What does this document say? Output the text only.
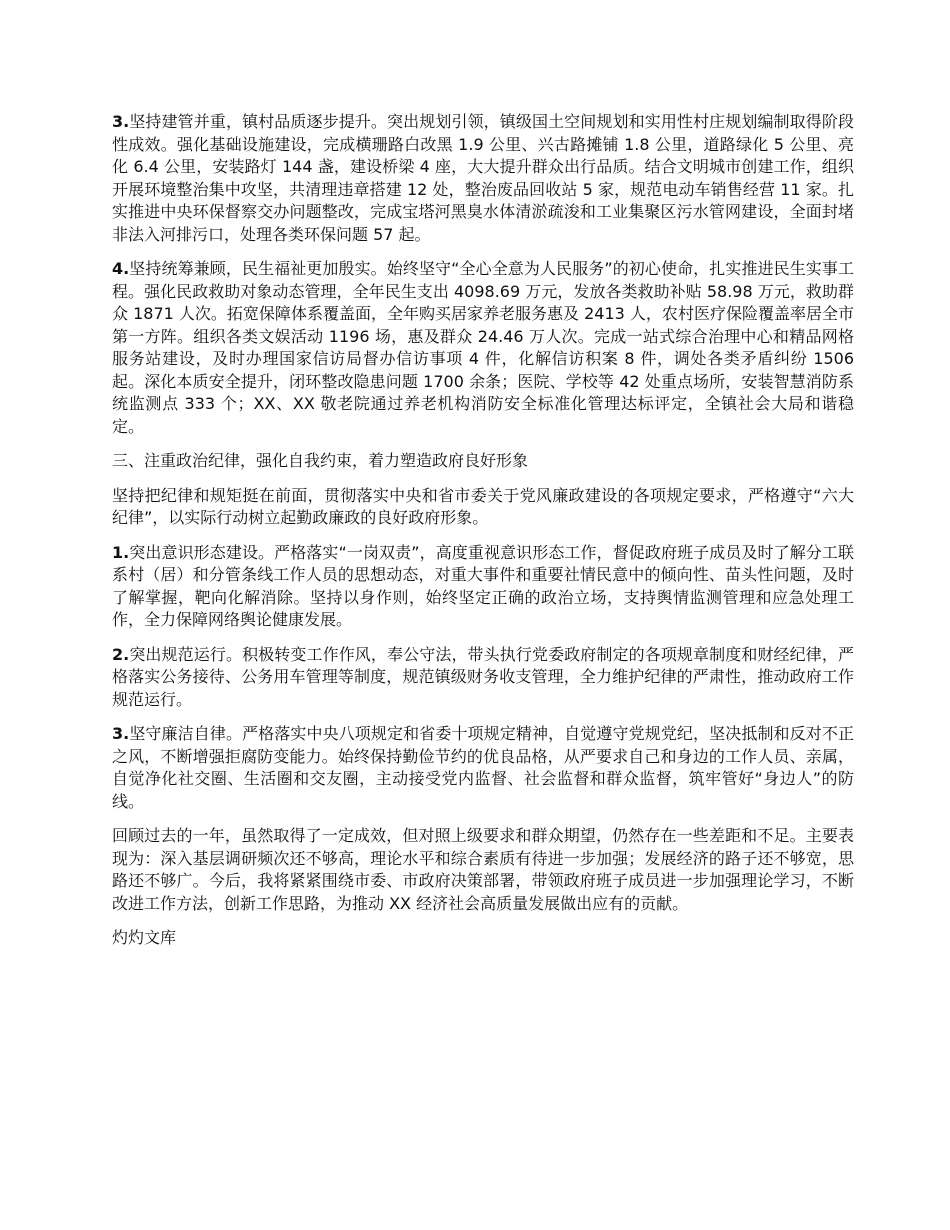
3.坚持建管并重，镇村品质逐步提升。突出规划引领，镇级国土空间规划和实用性村庄规划编制取得阶段性成效。强化基础设施建设，完成横珊路白改黑 1.9 公里、兴古路摊铺 1.8 公里，道路绿化 5 公里、亮化 6.4 公里，安装路灯 144 盏，建设桥梁 4 座，大大提升群众出行品质。结合文明城市创建工作，组织开展环境整治集中攻坚，共清理违章搭建 12 处，整治废品回收站 5 家，规范电动车销售经营 11 家。扎实推进中央环保督察交办问题整改，完成宝塔河黑臭水体清淤疏浚和工业集聚区污水管网建设，全面封堵非法入河排污口，处理各类环保问题 57 起。

4.坚持统筹兼顾，民生福祉更加殷实。始终坚守“全心全意为人民服务”的初心使命，扎实推进民生实事工程。强化民政救助对象动态管理，全年民生支出 4098.69 万元，发放各类救助补贴 58.98 万元，救助群众 1871 人次。拓宽保障体系覆盖面，全年购买居家养老服务惠及 2413 人，农村医疗保险覆盖率居全市第一方阵。组织各类文娱活动 1196 场，惠及群众 24.46 万人次。完成一站式综合治理中心和精品网格服务站建设，及时办理国家信访局督办信访事项 4 件，化解信访积案 8 件，调处各类矛盾纠纷 1506 起。深化本质安全提升，闭环整改隐患问题 1700 余条；医院、学校等 42 处重点场所，安装智慧消防系统监测点 333 个；XX、XX 敬老院通过养老机构消防安全标准化管理达标评定，全镇社会大局和谐稳定。

三、注重政治纪律，强化自我约束，着力塑造政府良好形象

坚持把纪律和规矩挺在前面，贯彻落实中央和省市委关于党风廉政建设的各项规定要求，严格遵守“六大纪律”，以实际行动树立起勤政廉政的良好政府形象。

1.突出意识形态建设。严格落实“一岗双责”，高度重视意识形态工作，督促政府班子成员及时了解分工联系村（居）和分管条线工作人员的思想动态，对重大事件和重要社情民意中的倾向性、苗头性问题，及时了解掌握，靶向化解消除。坚持以身作则，始终坚定正确的政治立场，支持舆情监测管理和应急处理工作，全力保障网络舆论健康发展。

2.突出规范运行。积极转变工作作风，奉公守法，带头执行党委政府制定的各项规章制度和财经纪律，严格落实公务接待、公务用车管理等制度，规范镇级财务收支管理，全力维护纪律的严肃性，推动政府工作规范运行。

3.坚守廉洁自律。严格落实中央八项规定和省委十项规定精神，自觉遵守党规党纪，坚决抵制和反对不正之风，不断增强拒腐防变能力。始终保持勤俭节约的优良品格，从严要求自己和身边的工作人员、亲属，自觉净化社交圈、生活圈和交友圈，主动接受党内监督、社会监督和群众监督，筑牢管好“身边人”的防线。

回顾过去的一年，虽然取得了一定成效，但对照上级要求和群众期望，仍然存在一些差距和不足。主要表现为：深入基层调研频次还不够高，理论水平和综合素质有待进一步加强；发展经济的路子还不够宽，思路还不够广。今后，我将紧紧围绕市委、市政府决策部署，带领政府班子成员进一步加强理论学习，不断改进工作方法，创新工作思路，为推动 XX 经济社会高质量发展做出应有的贡献。

灼灼文库
